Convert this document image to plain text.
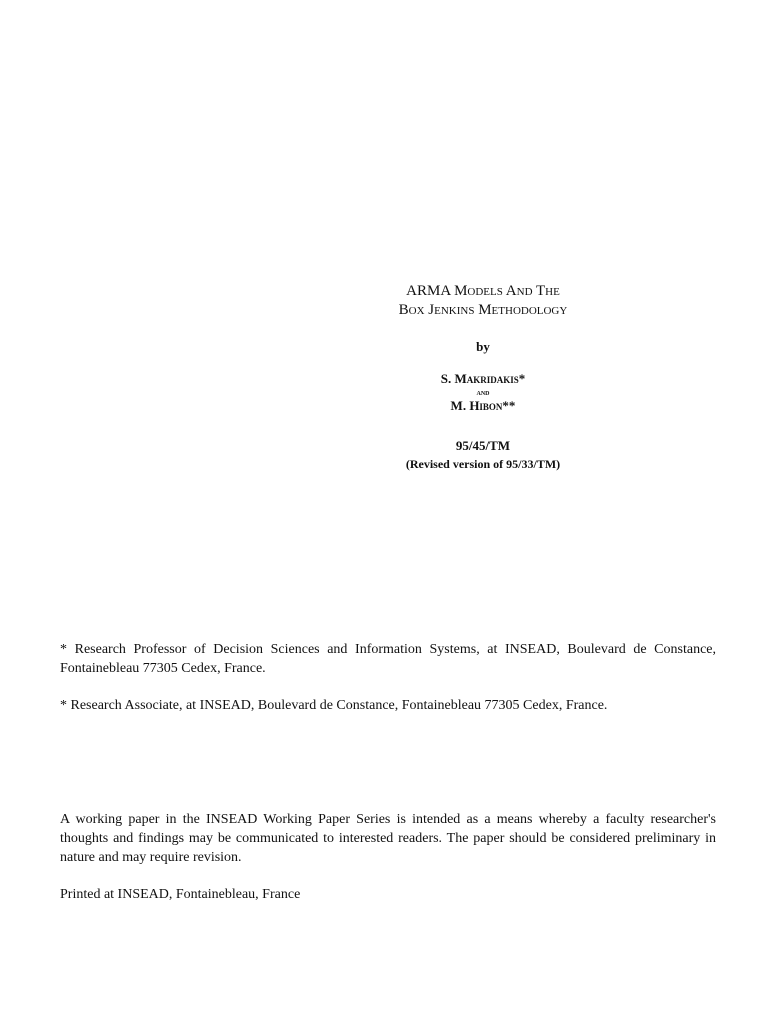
ARMA Models And The
Box Jenkins Methodology
by
S. Makridakis*
and
M. Hibon**
95/45/TM
(Revised version of 95/33/TM)
* Research Professor of Decision Sciences and Information Systems, at INSEAD, Boulevard de Constance, Fontainebleau 77305 Cedex, France.
* Research Associate, at INSEAD, Boulevard de Constance, Fontainebleau 77305 Cedex, France.
A working paper in the INSEAD Working Paper Series is intended as a means whereby a faculty researcher's thoughts and findings may be communicated to interested readers. The paper should be considered preliminary in nature and may require revision.
Printed at INSEAD, Fontainebleau, France
